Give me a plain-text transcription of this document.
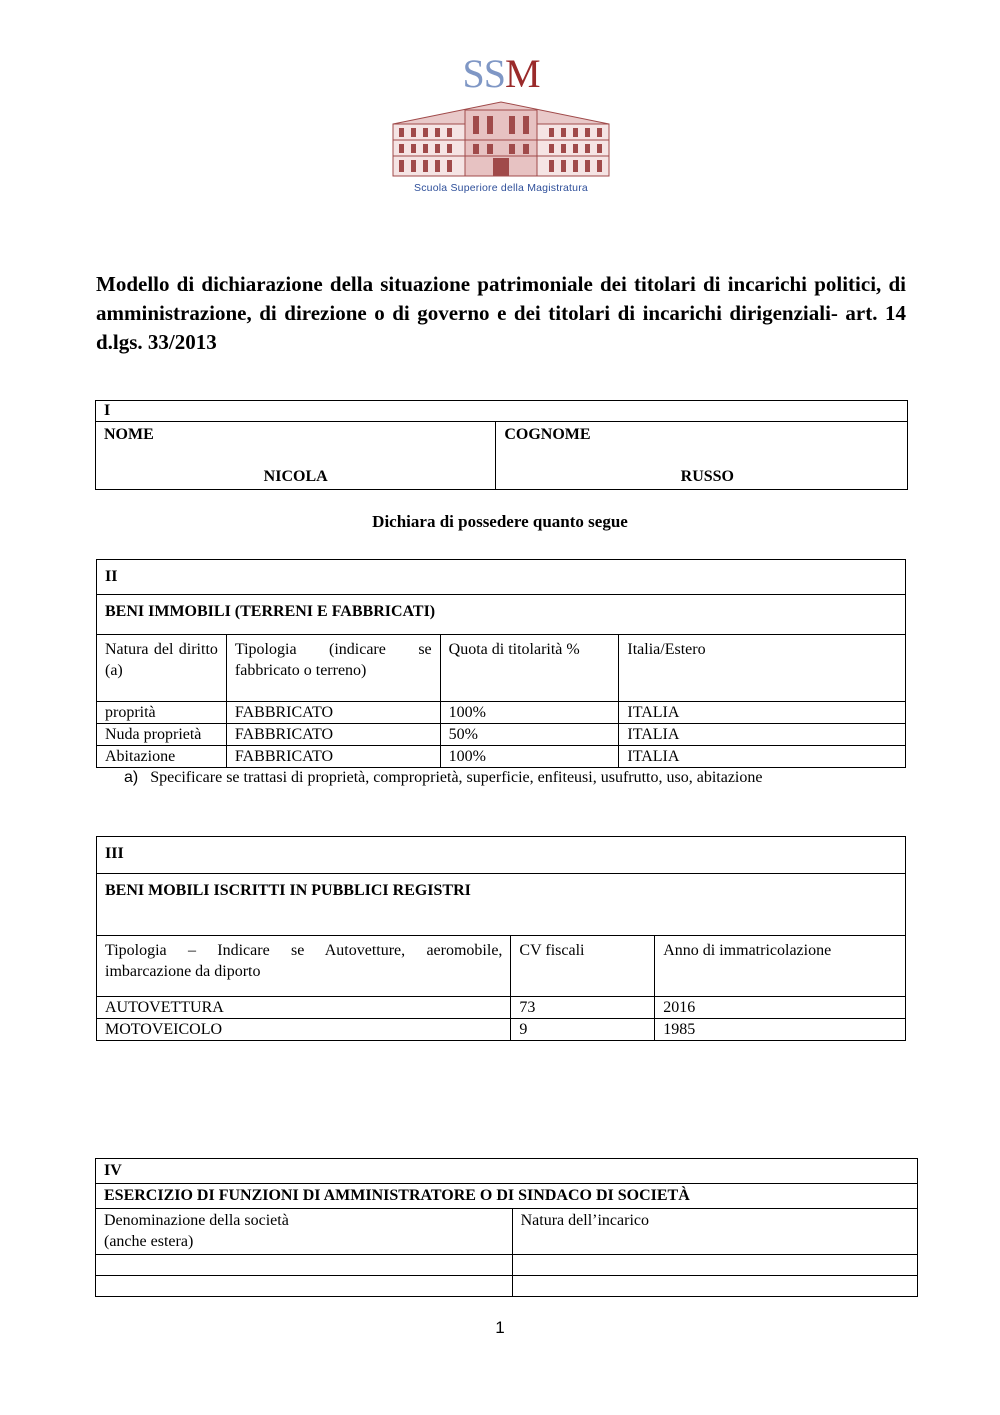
SSM
Scuola Superiore della Magistratura
Modello di dichiarazione della situazione patrimoniale dei titolari di incarichi politici, di amministrazione, di direzione o di governo e dei titolari di incarichi dirigenziali- art. 14 d.lgs. 33/2013
I

NOME
NICOLA

COGNOME
RUSSO
Dichiara di possedere quanto segue
II			
BENI IMMOBILI (TERRENI E FABBRICATI)			

Natura del diritto (a)	Tipologia (indicare se fabbricato o terreno)	Quota di titolarità %	Italia/Estero
proprità	FABBRICATO	100%	ITALIA
Nuda proprietà	FABBRICATO	50%	ITALIA
Abitazione	FABBRICATO	100%	ITALIA
a) Specificare se trattasi di proprietà, comproprietà, superficie, enfiteusi, usufrutto, uso, abitazione
III		
BENI MOBILI ISCRITTI IN PUBBLICI REGISTRI		

Tipologia – Indicare se Autovetture, aeromobile, imbarcazione da diporto	CV fiscali	Anno di immatricolazione
AUTOVETTURA	73	2016
MOTOVEICOLO	9	1985
IV	
ESERCIZIO DI FUNZIONI DI AMMINISTRATORE O DI SINDACO DI SOCIETÀ	

Denominazione della società (anche estera)	Natura dell’incarico

1
